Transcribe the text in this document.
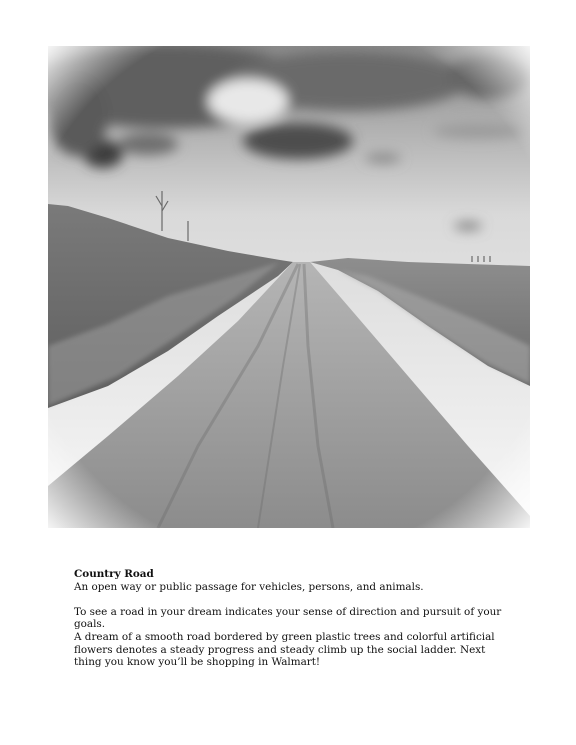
Country Road

An open way or public passage for vehicles, persons, and animals.

To see a road in your dream indicates your sense of direction and pursuit of your goals.

A dream of a smooth road bordered by green plastic trees and colorful artificial flowers denotes a steady progress and steady climb up the social ladder. Next thing you know you’ll be shopping in Walmart!
